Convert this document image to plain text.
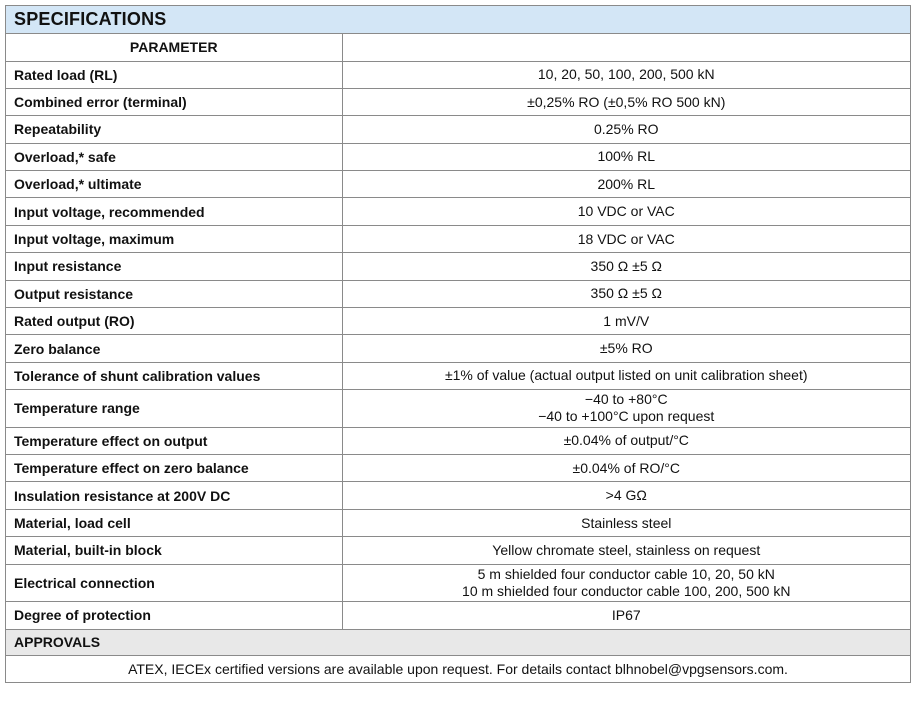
SPECIFICATIONS
PARAMETER	
Rated load (RL)	10, 20, 50, 100, 200, 500 kN

Combined error (terminal)	±0,25% RO (±0,5% RO 500 kN)

Repeatability	0.25% RO

Overload,* safe	100% RL

Overload,* ultimate	200% RL

Input voltage, recommended	10 VDC or VAC

Input voltage, maximum	18 VDC or VAC

Input resistance	350 Ω ±5 Ω

Output resistance	350 Ω ±5 Ω

Rated output (RO)	1 mV/V

Zero balance	±5% RO

Tolerance of shunt calibration values	±1% of value (actual output listed on unit calibration sheet)

Temperature range	−40 to +80°C
−40 to +100°C upon request

Temperature effect on output	±0.04% of output/°C

Temperature effect on zero balance	±0.04% of RO/°C

Insulation resistance at 200V DC	>4 GΩ

Material, load cell	Stainless steel

Material, built-in block	Yellow chromate steel, stainless on request

Electrical connection	5 m shielded four conductor cable 10, 20, 50 kN
10 m shielded four conductor cable 100, 200, 500 kN

Degree of protection	IP67
APPROVALS
ATEX, IECEx certified versions are available upon request. For details contact blhnobel@vpgsensors.com.
